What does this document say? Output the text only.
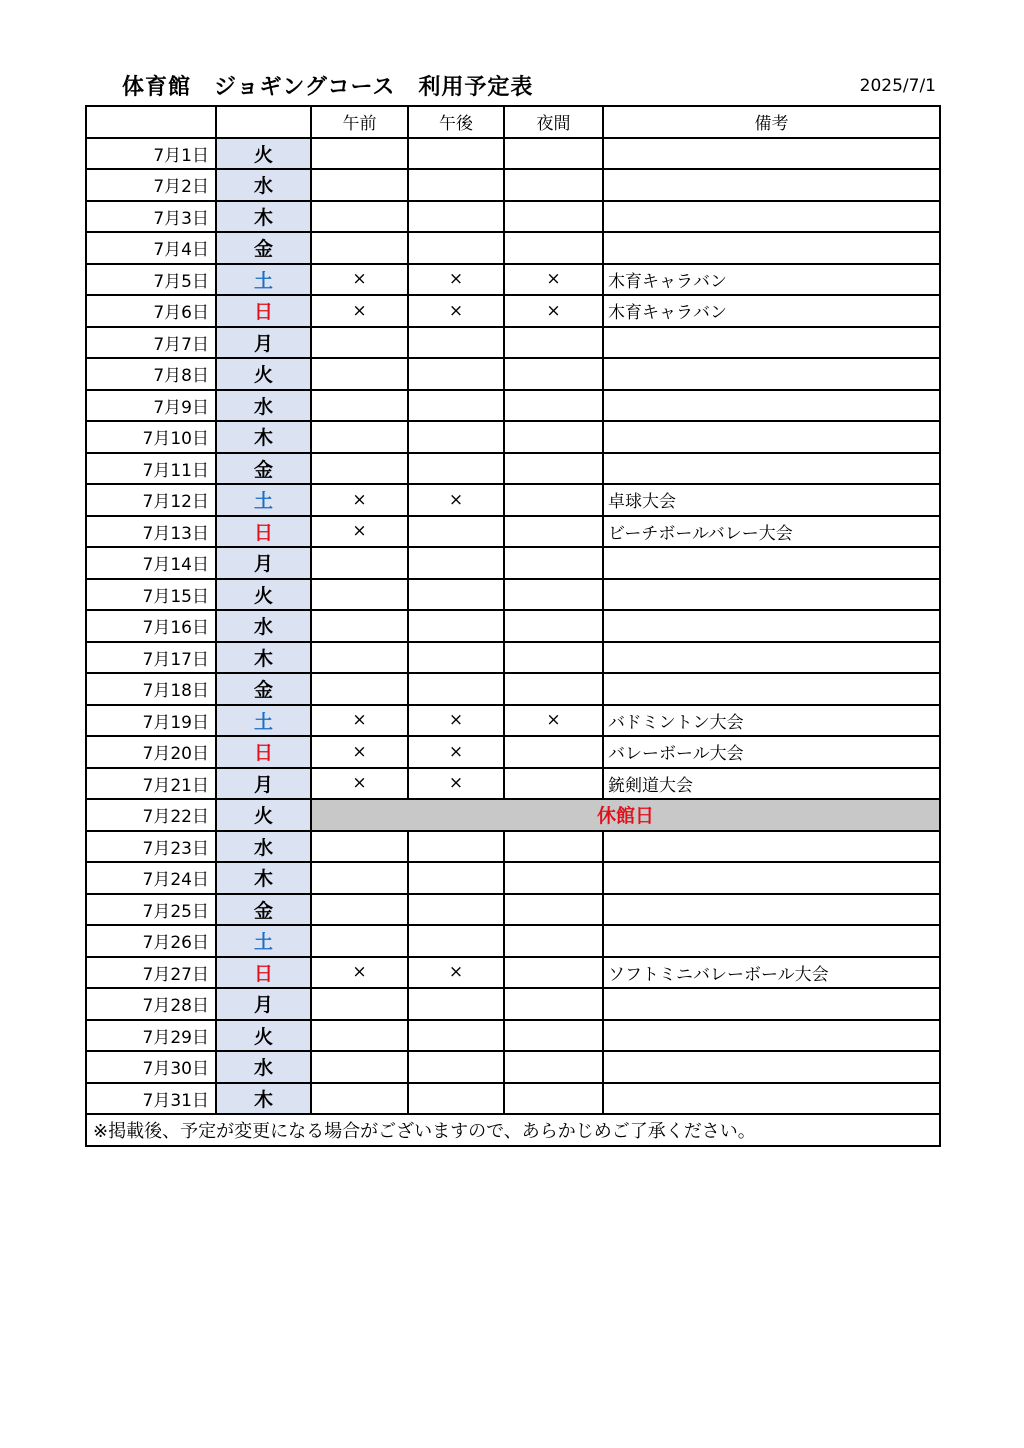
体育館　ジョギングコース　利用予定表	2025/7/1
		午前	午後	夜間	備考
7月1日	火				
7月2日	水				
7月3日	木				
7月4日	金				
7月5日	土	×	×	×	木育キャラバン
7月6日	日	×	×	×	木育キャラバン
7月7日	月				
7月8日	火				
7月9日	水				
7月10日	木				
7月11日	金				
7月12日	土	×	×		卓球大会
7月13日	日	×			ビーチボールバレー大会
7月14日	月				
7月15日	火				
7月16日	水				
7月17日	木				
7月18日	金				
7月19日	土	×	×	×	バドミントン大会
7月20日	日	×	×		バレーボール大会
7月21日	月	×	×		銃剣道大会
7月22日	火	休館日			
7月23日	水				
7月24日	木				
7月25日	金				
7月26日	土				
7月27日	日	×	×		ソフトミニバレーボール大会
7月28日	月				
7月29日	火				
7月30日	水				
7月31日	木				
※掲載後、予定が変更になる場合がございますので、あらかじめご了承ください。					
